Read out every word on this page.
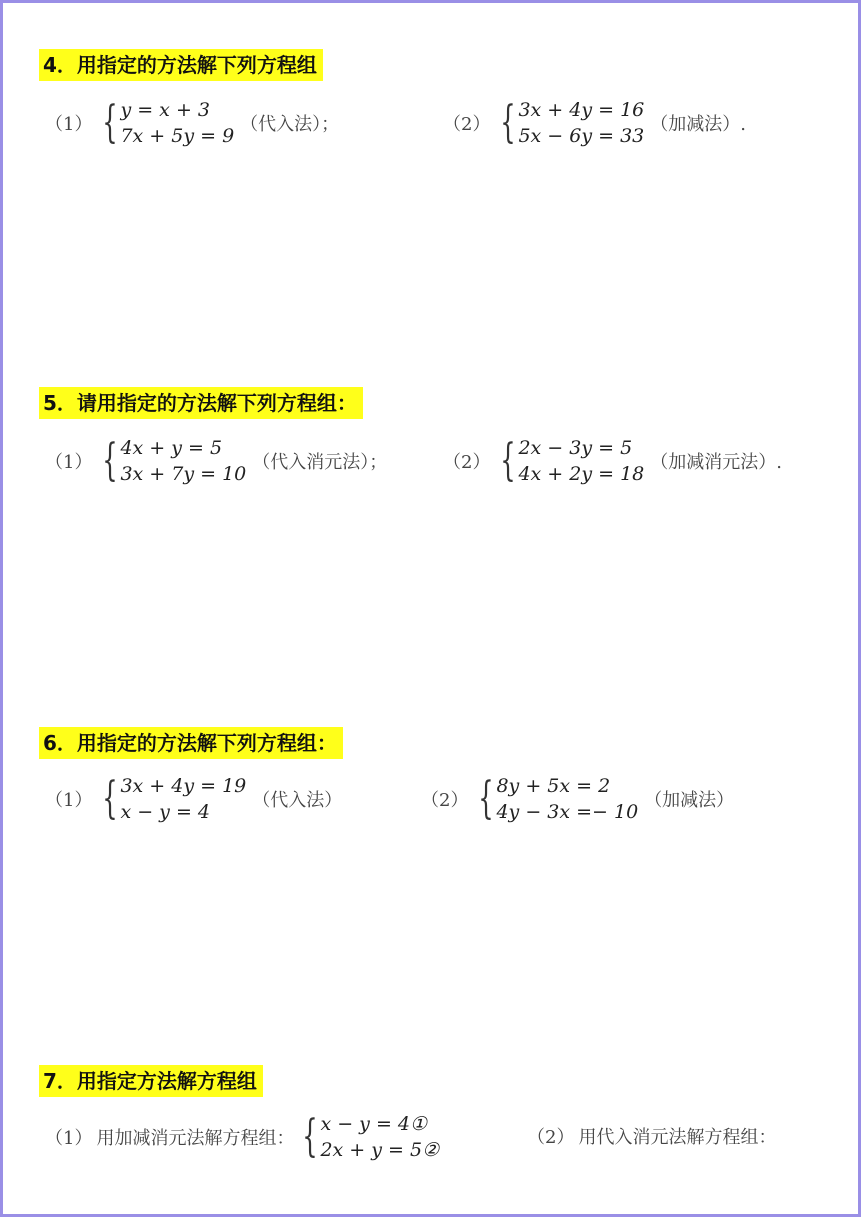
4．用指定的方法解下列方程组
（1） { y = x + 3
7x + 5y = 9
（代入法）；	（2） { 3x + 4y = 16
5x − 6y = 33
（加减法）.
5．请用指定的方法解下列方程组：
（1） { 4x + y = 5
3x + 7y = 10
（代入消元法）；	（2） { 2x − 3y = 5
4x + 2y = 18
（加减消元法）.
6．用指定的方法解下列方程组：
（1） { 3x + 4y = 19
x − y = 4
（代入法）	（2） { 8y + 5x = 2
4y − 3x =− 10
（加减法）
7．用指定方法解方程组
（1） 用加减消元法解方程组： { x − y = 4①
2x + y = 5②
（2） 用代入消元法解方程组：
